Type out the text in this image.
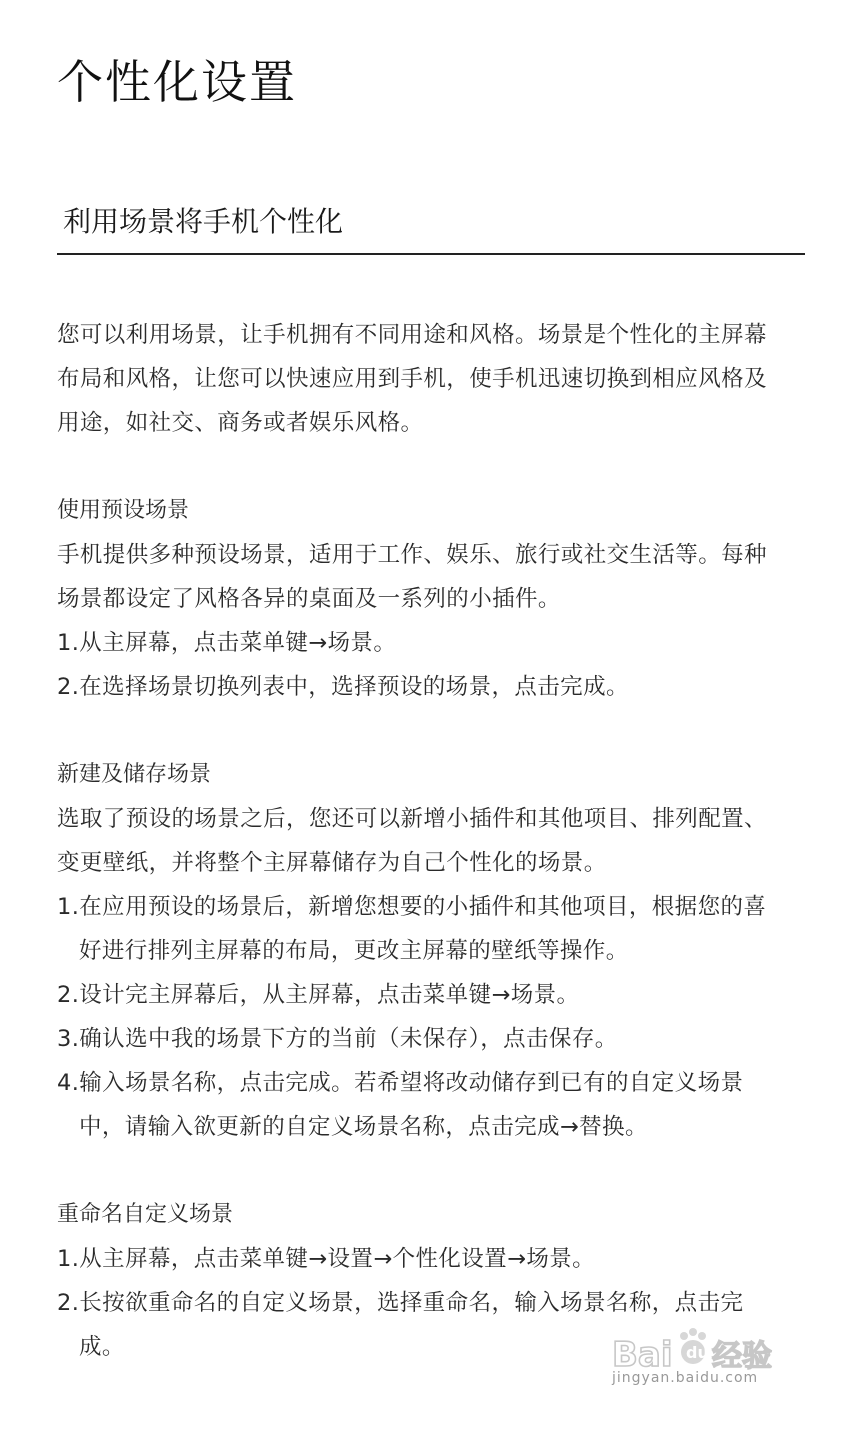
个性化设置
利用场景将手机个性化
您可以利用场景，让手机拥有不同用途和风格。场景是个性化的主屏幕
布局和风格，让您可以快速应用到手机，使手机迅速切换到相应风格及
用途，如社交、商务或者娱乐风格。
使用预设场景
手机提供多种预设场景，适用于工作、娱乐、旅行或社交生活等。每种
场景都设定了风格各异的桌面及一系列的小插件。
1.从主屏幕，点击菜单键→场景。
2.在选择场景切换列表中，选择预设的场景，点击完成。
新建及储存场景
选取了预设的场景之后，您还可以新增小插件和其他项目、排列配置、
变更壁纸，并将整个主屏幕储存为自己个性化的场景。
1.在应用预设的场景后，新增您想要的小插件和其他项目，根据您的喜
好进行排列主屏幕的布局，更改主屏幕的壁纸等操作。
2.设计完主屏幕后，从主屏幕，点击菜单键→场景。
3.确认选中我的场景下方的当前（未保存），点击保存。
4.输入场景名称，点击完成。若希望将改动储存到已有的自定义场景
中，请输入欲更新的自定义场景名称，点击完成→替换。
重命名自定义场景
1.从主屏幕，点击菜单键→设置→个性化设置→场景。
2.长按欲重命名的自定义场景，选择重命名，输入场景名称，点击完
成。	Bai du 经验
jingyan.baidu.com
